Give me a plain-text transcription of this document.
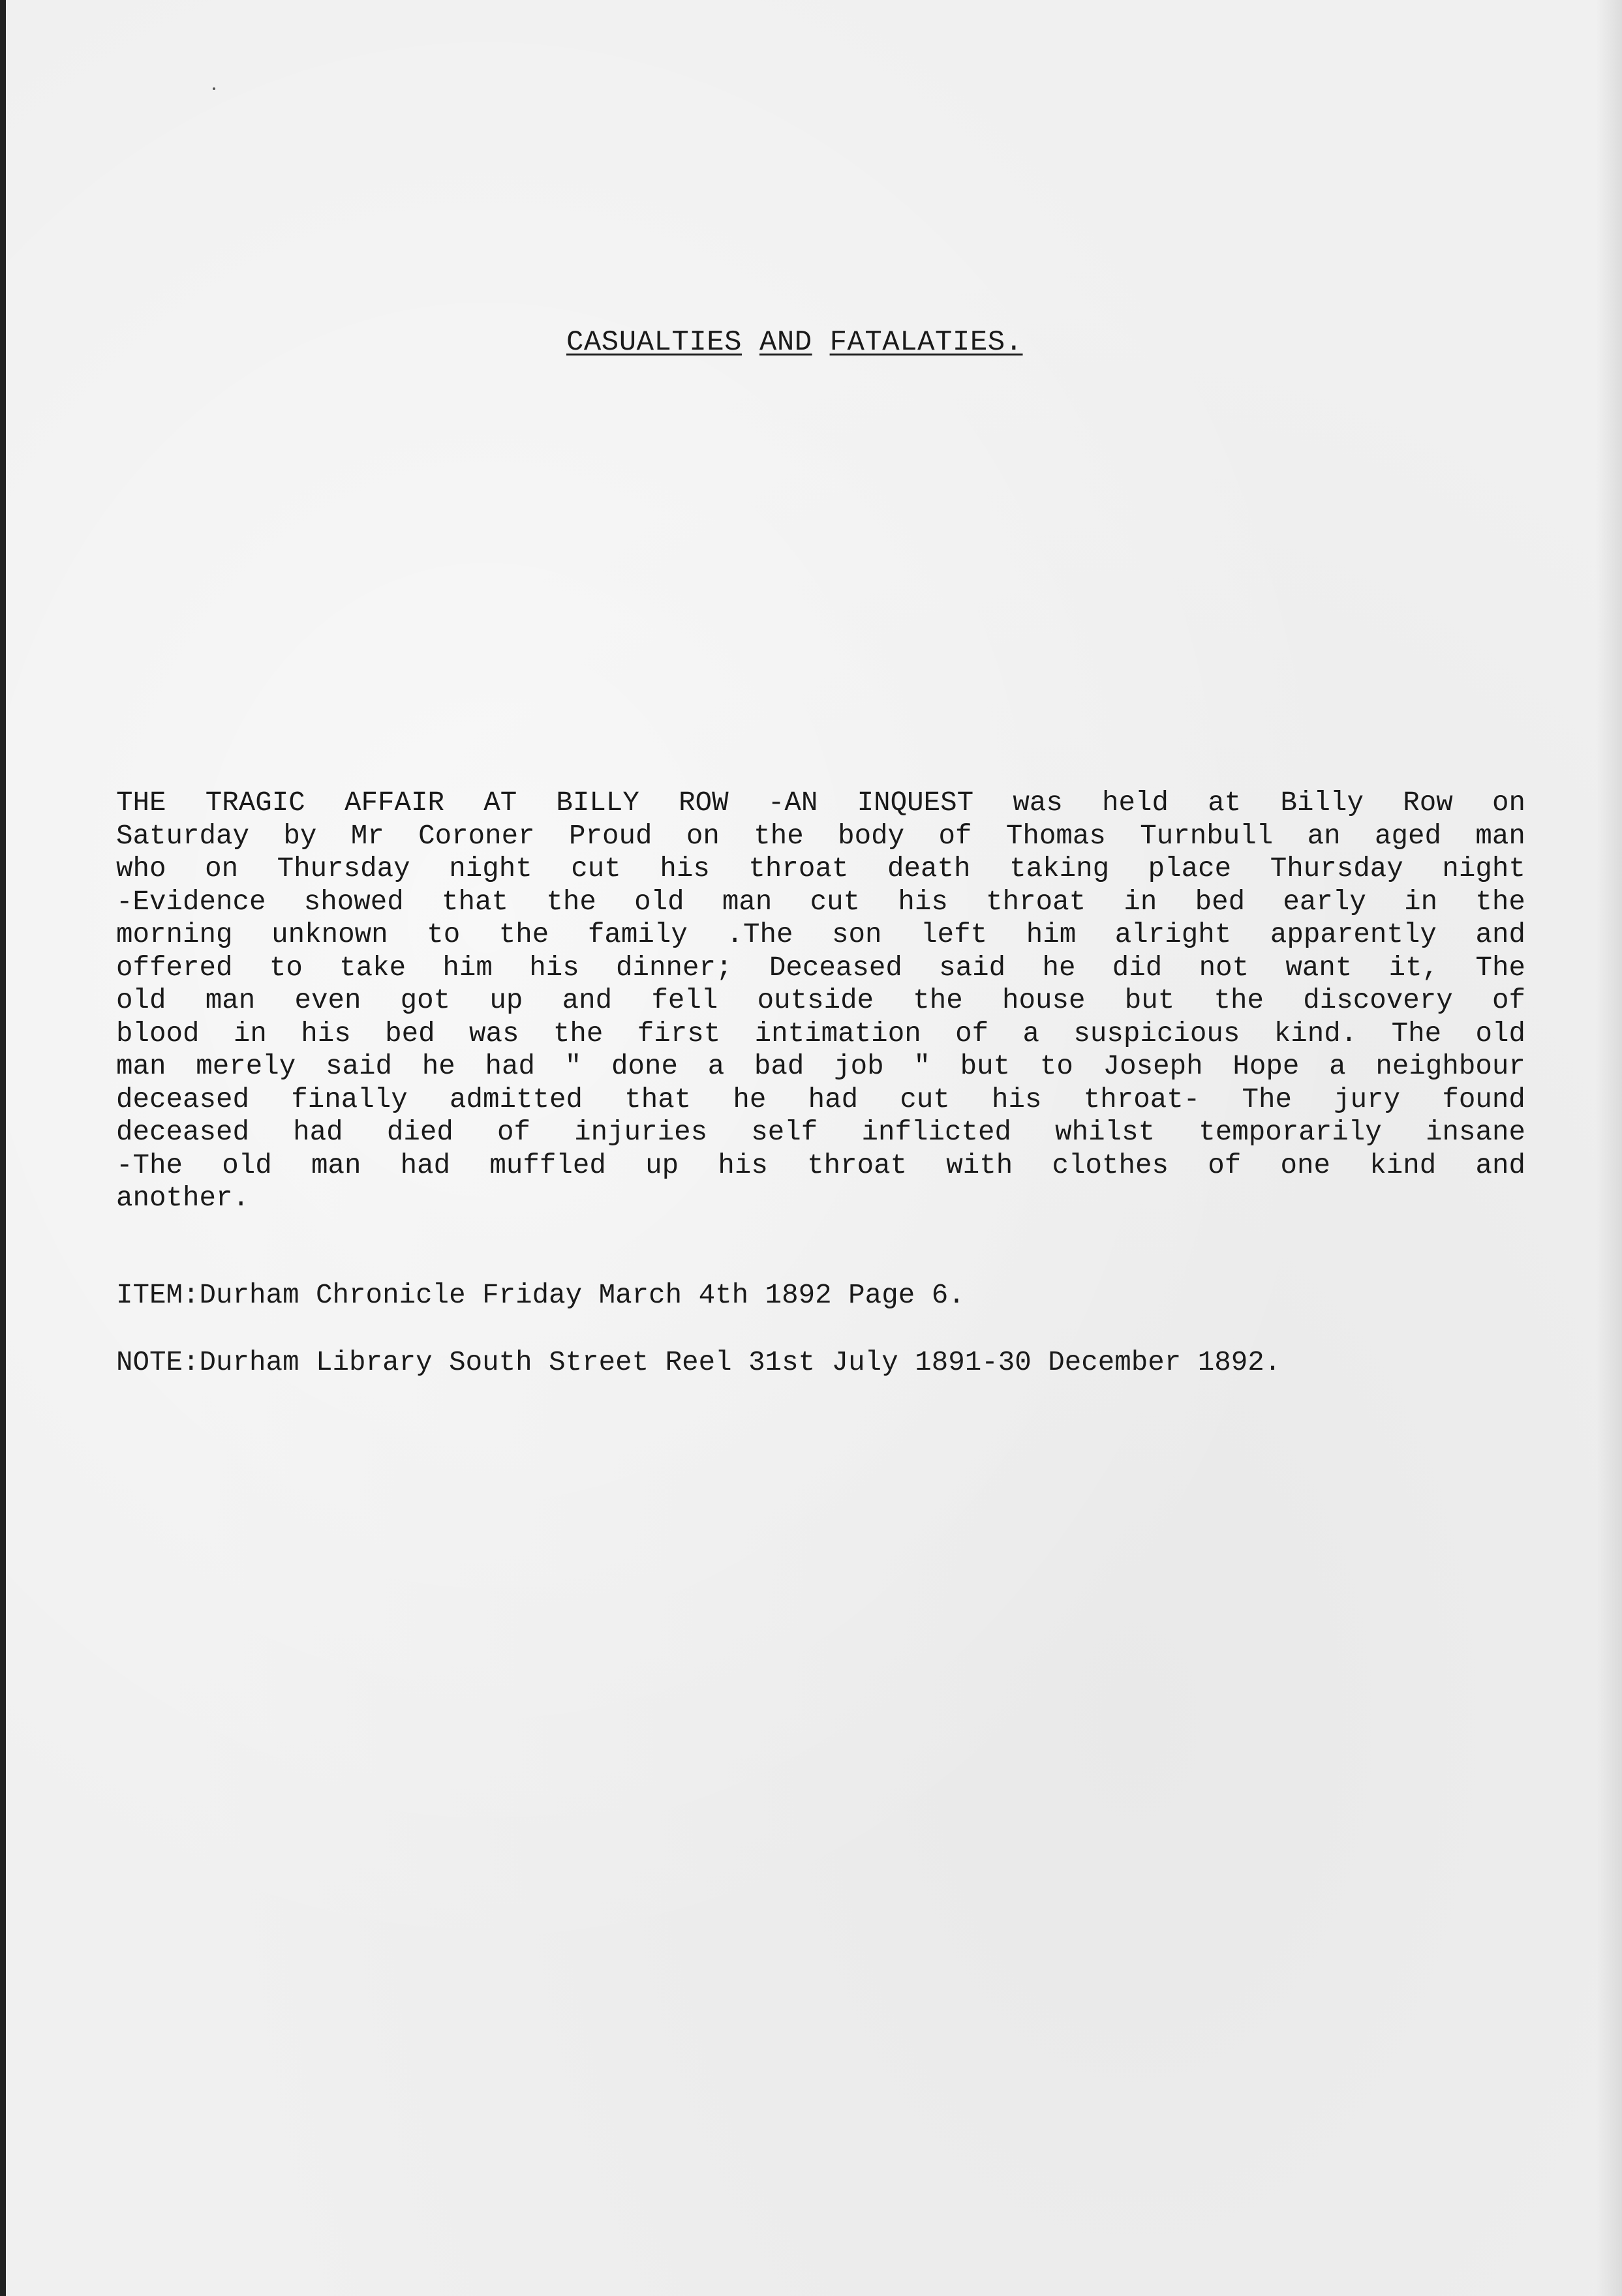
CASUALTIES AND FATALATIES.
THE TRAGIC AFFAIR AT BILLY ROW -AN INQUEST was held at Billy Row on
Saturday by Mr Coroner Proud on the body of Thomas Turnbull an aged man
who on Thursday night cut his throat death taking place Thursday night
-Evidence showed that the old man cut his throat in bed early in the
morning unknown to the family .The son left him alright apparently and
offered to take him his dinner; Deceased said he did not want it, The
old man even got up and fell outside the house but the discovery of
blood in his bed was the first intimation of a suspicious kind. The old
man merely said he had " done a bad job " but to Joseph Hope a neighbour
deceased finally admitted that he had cut his throat- The jury found
deceased had died of injuries self inflicted whilst temporarily insane
-The old man had muffled up his throat with clothes of one kind and
another.

ITEM:Durham Chronicle Friday March 4th 1892 Page 6.

NOTE:Durham Library South Street Reel 31st July 1891-30 December 1892.
